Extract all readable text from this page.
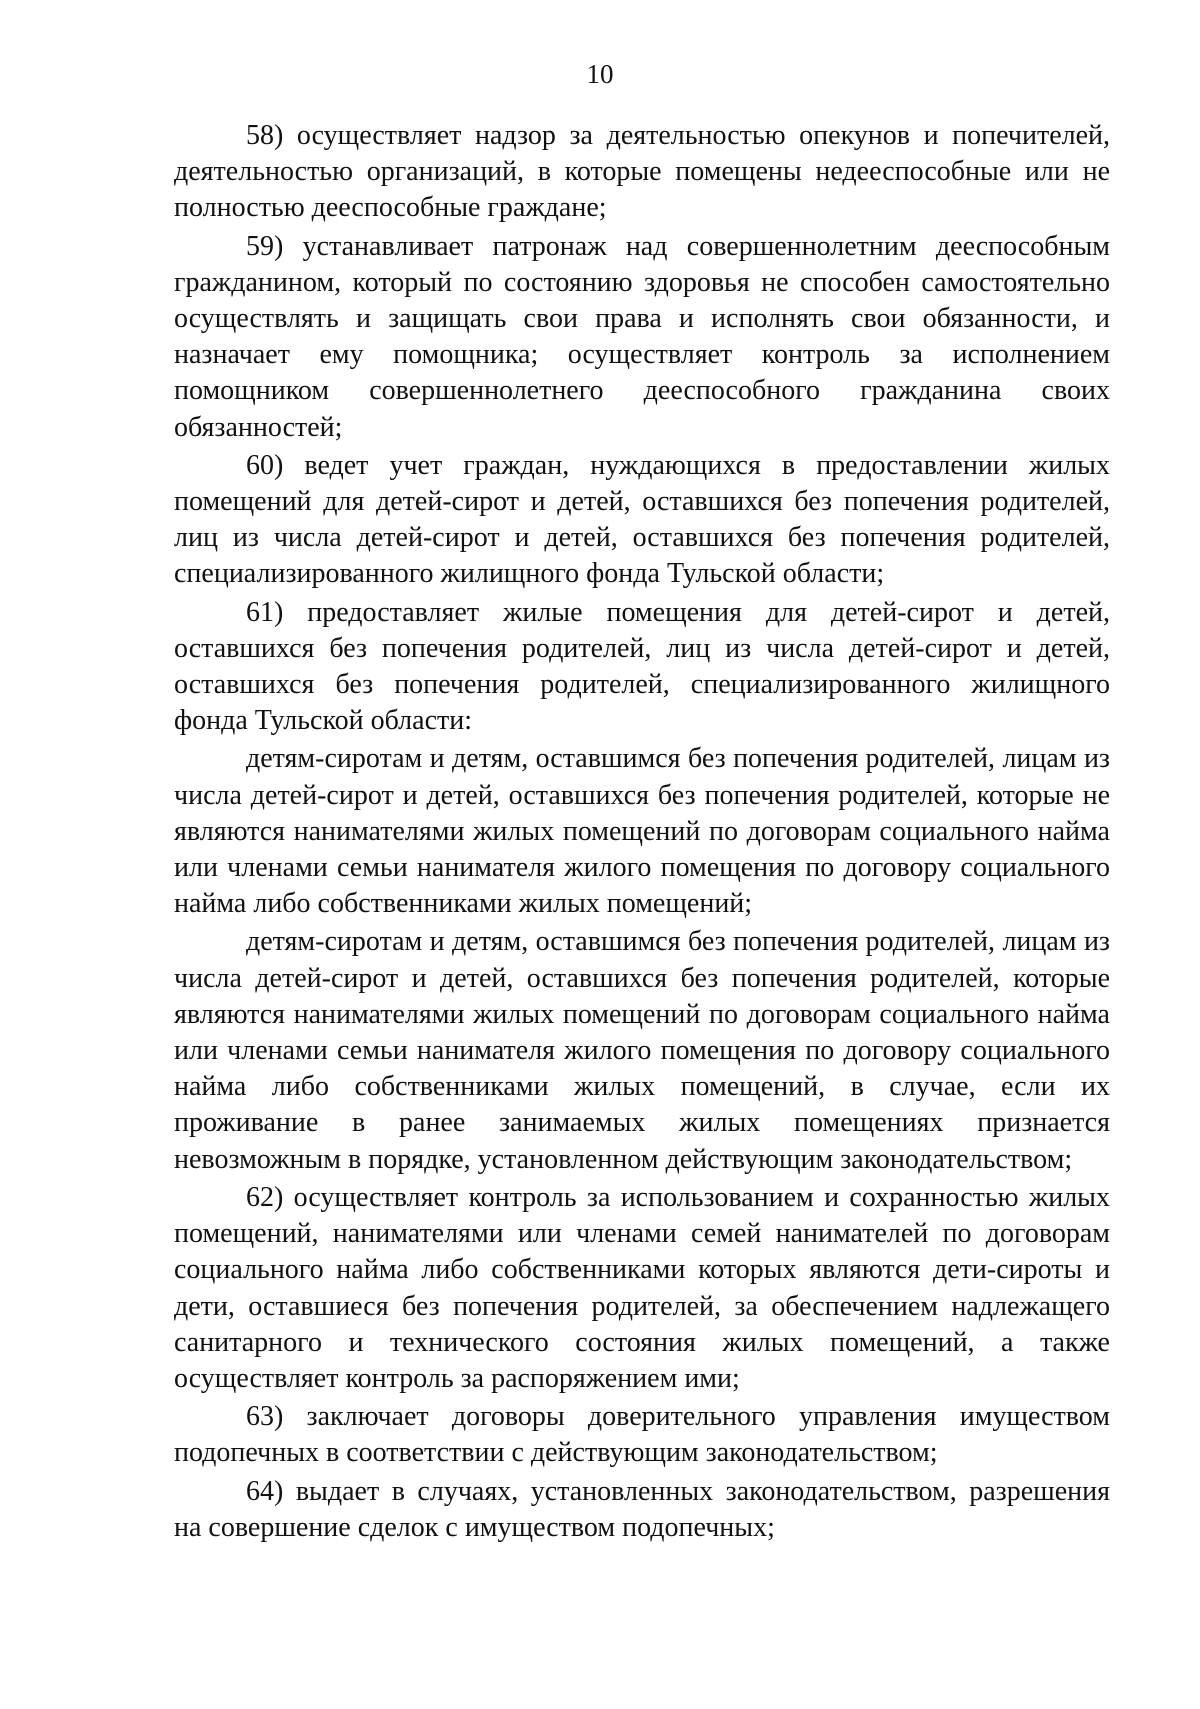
10

58) осуществляет надзор за деятельностью опекунов и попечителей, деятельностью организаций, в которые помещены недееспособные или не полностью дееспособные граждане;

59) устанавливает патронаж над совершеннолетним дееспособным гражданином, который по состоянию здоровья не способен самостоятельно осуществлять и защищать свои права и исполнять свои обязанности, и назначает ему помощника; осуществляет контроль за исполнением помощником совершеннолетнего дееспособного гражданина своих обязанностей;

60) ведет учет граждан, нуждающихся в предоставлении жилых помещений для детей-сирот и детей, оставшихся без попечения родителей, лиц из числа детей-сирот и детей, оставшихся без попечения родителей, специализированного жилищного фонда Тульской области;

61) предоставляет жилые помещения для детей-сирот и детей, оставшихся без попечения родителей, лиц из числа детей-сирот и детей, оставшихся без попечения родителей, специализированного жилищного фонда Тульской области:

детям-сиротам и детям, оставшимся без попечения родителей, лицам из числа детей-сирот и детей, оставшихся без попечения родителей, которые не являются нанимателями жилых помещений по договорам социального найма или членами семьи нанимателя жилого помещения по договору социального найма либо собственниками жилых помещений;

детям-сиротам и детям, оставшимся без попечения родителей, лицам из числа детей-сирот и детей, оставшихся без попечения родителей, которые являются нанимателями жилых помещений по договорам социального найма или членами семьи нанимателя жилого помещения по договору социального найма либо собственниками жилых помещений, в случае, если их проживание в ранее занимаемых жилых помещениях признается невозможным в порядке, установленном действующим законодательством;

62) осуществляет контроль за использованием и сохранностью жилых помещений, нанимателями или членами семей нанимателей по договорам социального найма либо собственниками которых являются дети-сироты и дети, оставшиеся без попечения родителей, за обеспечением надлежащего санитарного и технического состояния жилых помещений, а также осуществляет контроль за распоряжением ими;

63) заключает договоры доверительного управления имуществом подопечных в соответствии с действующим законодательством;

64) выдает в случаях, установленных законодательством, разрешения на совершение сделок с имуществом подопечных;
